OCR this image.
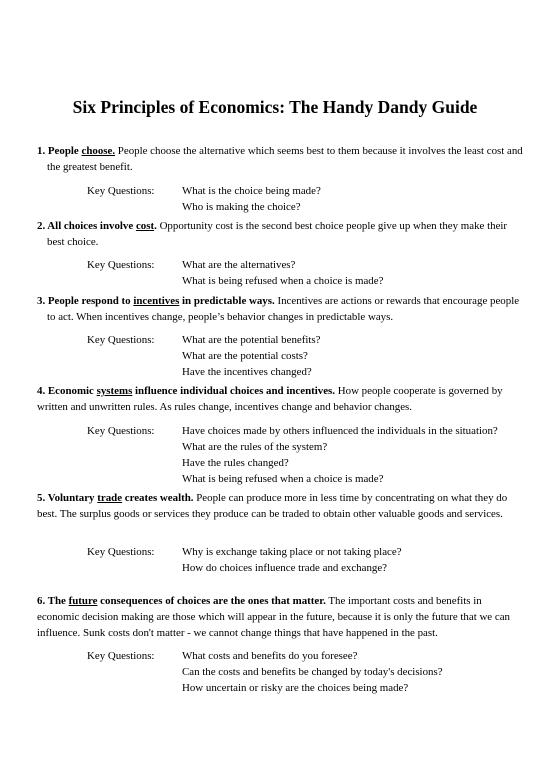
Six Principles of Economics: The Handy Dandy Guide
1. People choose. People choose the alternative which seems best to them because it involves the least cost and the greatest benefit.
Key Questions:	What is the choice being made?
Who is making the choice?
2. All choices involve cost. Opportunity cost is the second best choice people give up when they make their best choice.
Key Questions:	What are the alternatives?
What is being refused when a choice is made?
3. People respond to incentives in predictable ways. Incentives are actions or rewards that encourage people to act. When incentives change, people’s behavior changes in predictable ways.
Key Questions:	What are the potential benefits?
What are the potential costs?
Have the incentives changed?
4. Economic systems influence individual choices and incentives. How people cooperate is governed by written and unwritten rules. As rules change, incentives change and behavior changes.
Key Questions:	Have choices made by others influenced the individuals in the situation?
What are the rules of the system?
Have the rules changed?
What is being refused when a choice is made?
5. Voluntary trade creates wealth. People can produce more in less time by concentrating on what they do best. The surplus goods or services they produce can be traded to obtain other valuable goods and services.
Key Questions:	Why is exchange taking place or not taking place?
How do choices influence trade and exchange?
6. The future consequences of choices are the ones that matter. The important costs and benefits in economic decision making are those which will appear in the future, because it is only the future that we can influence. Sunk costs don't matter - we cannot change things that have happened in the past.
Key Questions:	What costs and benefits do you foresee?
Can the costs and benefits be changed by today's decisions?
How uncertain or risky are the choices being made?
